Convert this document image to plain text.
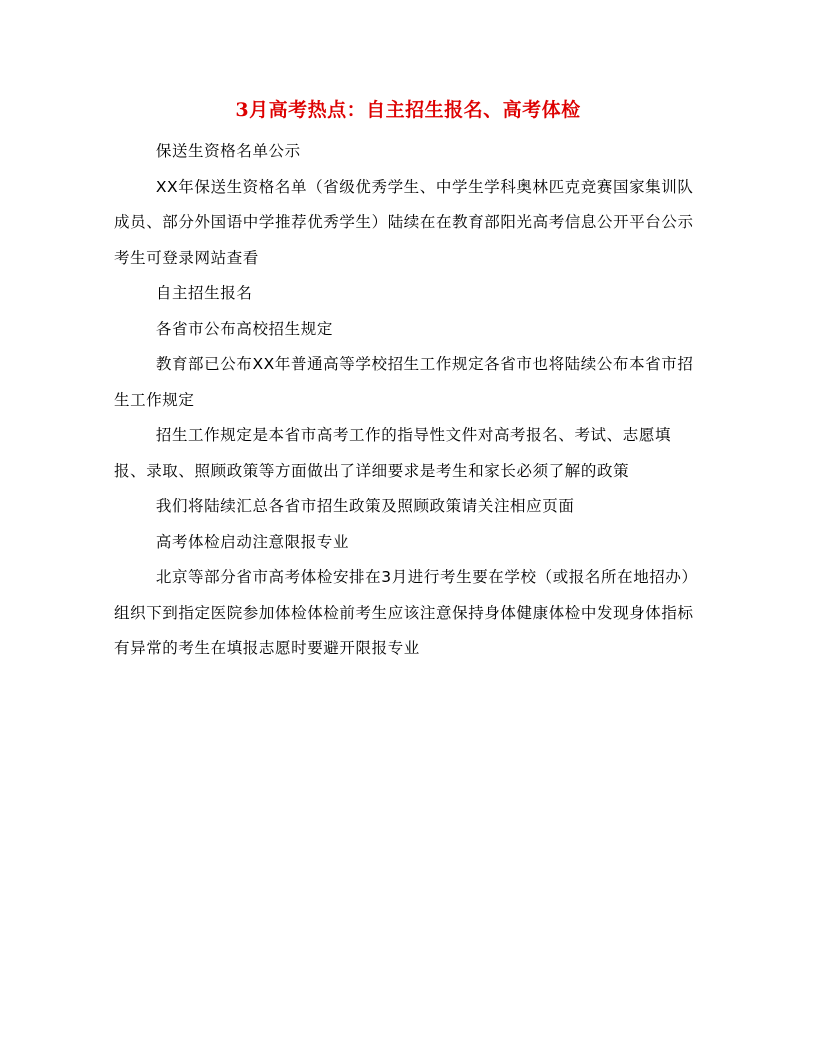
3月高考热点：自主招生报名、高考体检

保送生资格名单公示

XX年保送生资格名单（省级优秀学生、中学生学科奥林匹克竞赛国家集训队成员、部分外国语中学推荐优秀学生）陆续在在教育部阳光高考信息公开平台公示考生可登录网站查看

自主招生报名

各省市公布高校招生规定

教育部已公布XX年普通高等学校招生工作规定各省市也将陆续公布本省市招生工作规定

招生工作规定是本省市高考工作的指导性文件对高考报名、考试、志愿填报、录取、照顾政策等方面做出了详细要求是考生和家长必须了解的政策

我们将陆续汇总各省市招生政策及照顾政策请关注相应页面

高考体检启动注意限报专业

北京等部分省市高考体检安排在3月进行考生要在学校（或报名所在地招办）组织下到指定医院参加体检体检前考生应该注意保持身体健康体检中发现身体指标有异常的考生在填报志愿时要避开限报专业
